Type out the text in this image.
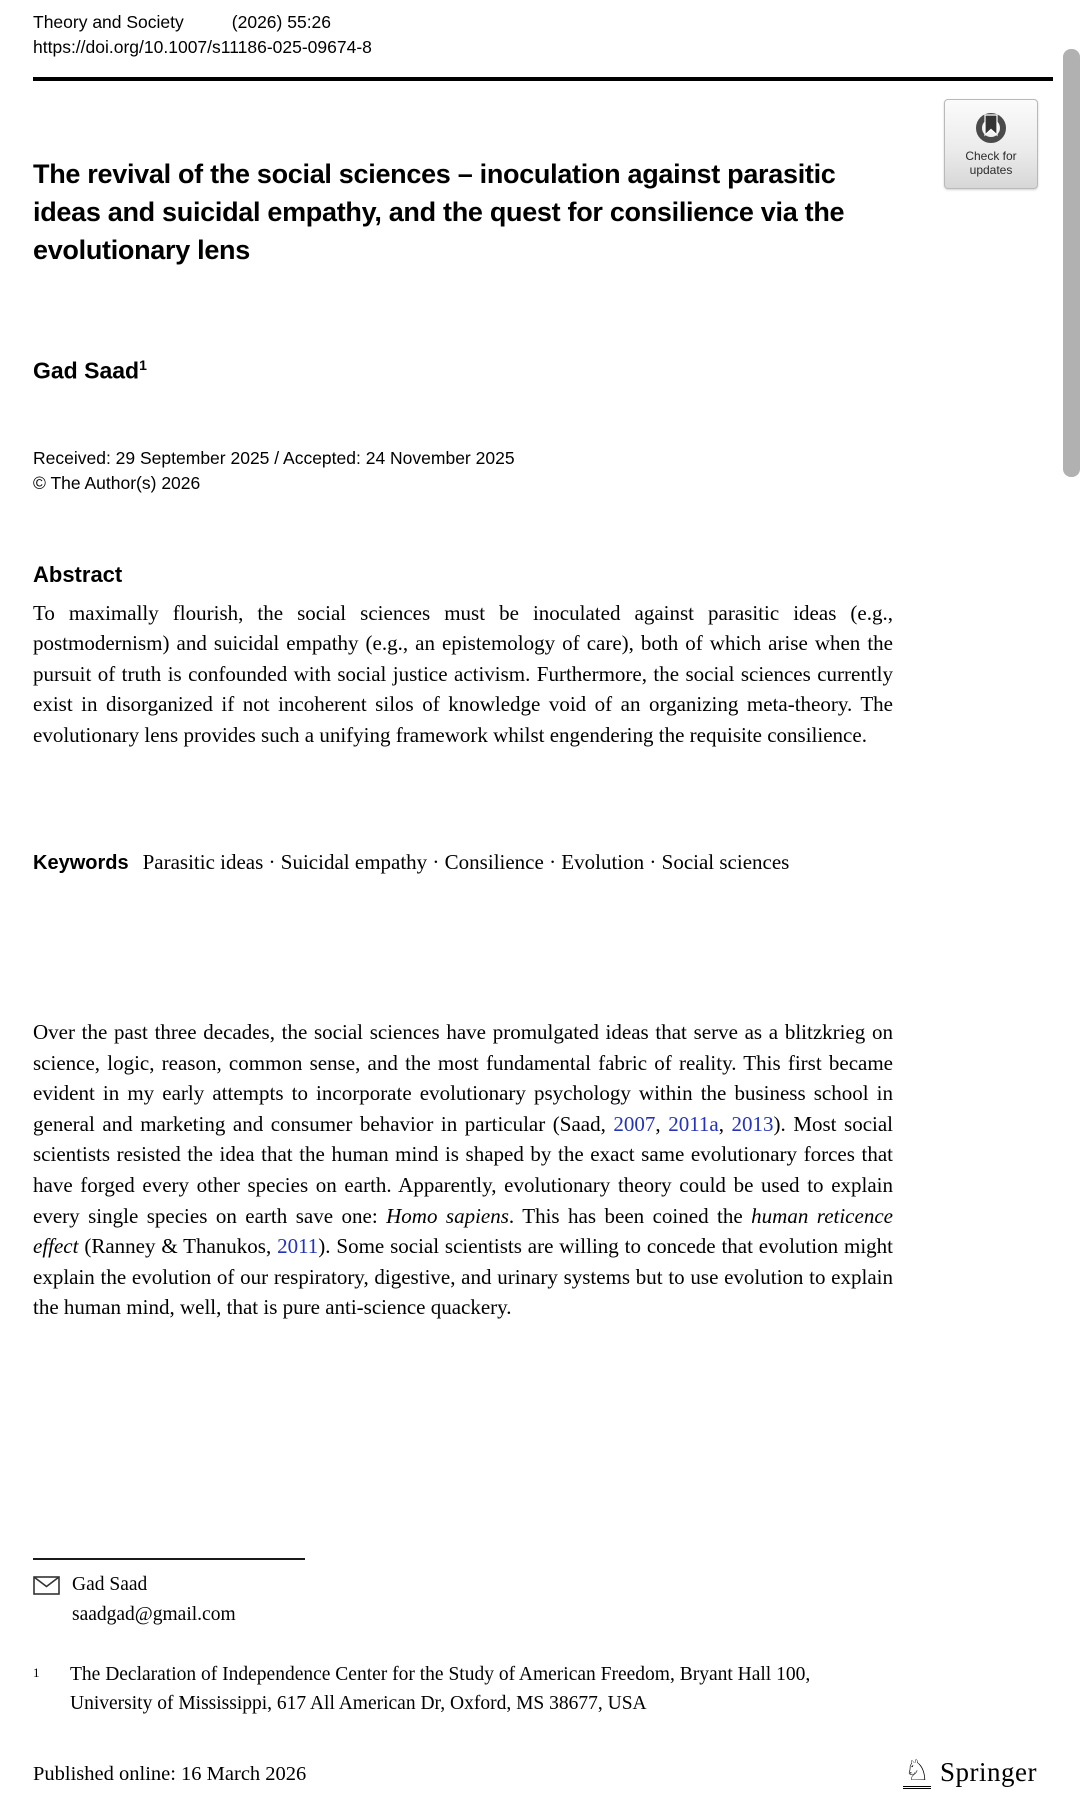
Theory and Society	(2026) 55:26
https://doi.org/10.1007/s11186-025-09674-8
Check for
updates
The revival of the social sciences – inoculation against parasitic ideas and suicidal empathy, and the quest for consilience via the evolutionary lens
Gad Saad$^1$
Received: 29 September 2025 / Accepted: 24 November 2025
© The Author(s) 2026
Abstract

To maximally flourish, the social sciences must be inoculated against parasitic ideas (e.g., postmodernism) and suicidal empathy (e.g., an epistemology of care), both of which arise when the pursuit of truth is confounded with social justice activism. Furthermore, the social sciences currently exist in disorganized if not incoherent silos of knowledge void of an organizing meta-theory. The evolutionary lens provides such a unifying framework whilst engendering the requisite consilience.

Keywords Parasitic ideas · Suicidal empathy · Consilience · Evolution · Social sciences

Over the past three decades, the social sciences have promulgated ideas that serve as a blitzkrieg on science, logic, reason, common sense, and the most fundamental fabric of reality. This first became evident in my early attempts to incorporate evolutionary psychology within the business school in general and marketing and consumer behavior in particular (Saad, 2007, 2011a, 2013). Most social scientists resisted the idea that the human mind is shaped by the exact same evolutionary forces that have forged every other species on earth. Apparently, evolutionary theory could be used to explain every single species on earth save one: Homo sapiens. This has been coined the human reticence effect (Ranney & Thanukos, 2011). Some social scientists are willing to concede that evolution might explain the evolution of our respiratory, digestive, and urinary systems but to use evolution to explain the human mind, well, that is pure anti-science quackery.

Gad Saad
saadgad@gmail.com
1	The Declaration of Independence Center for the Study of American Freedom, Bryant Hall 100, University of Mississippi, 617 All American Dr, Oxford, MS 38677, USA
Published online: 16 March 2026	♘ Springer
